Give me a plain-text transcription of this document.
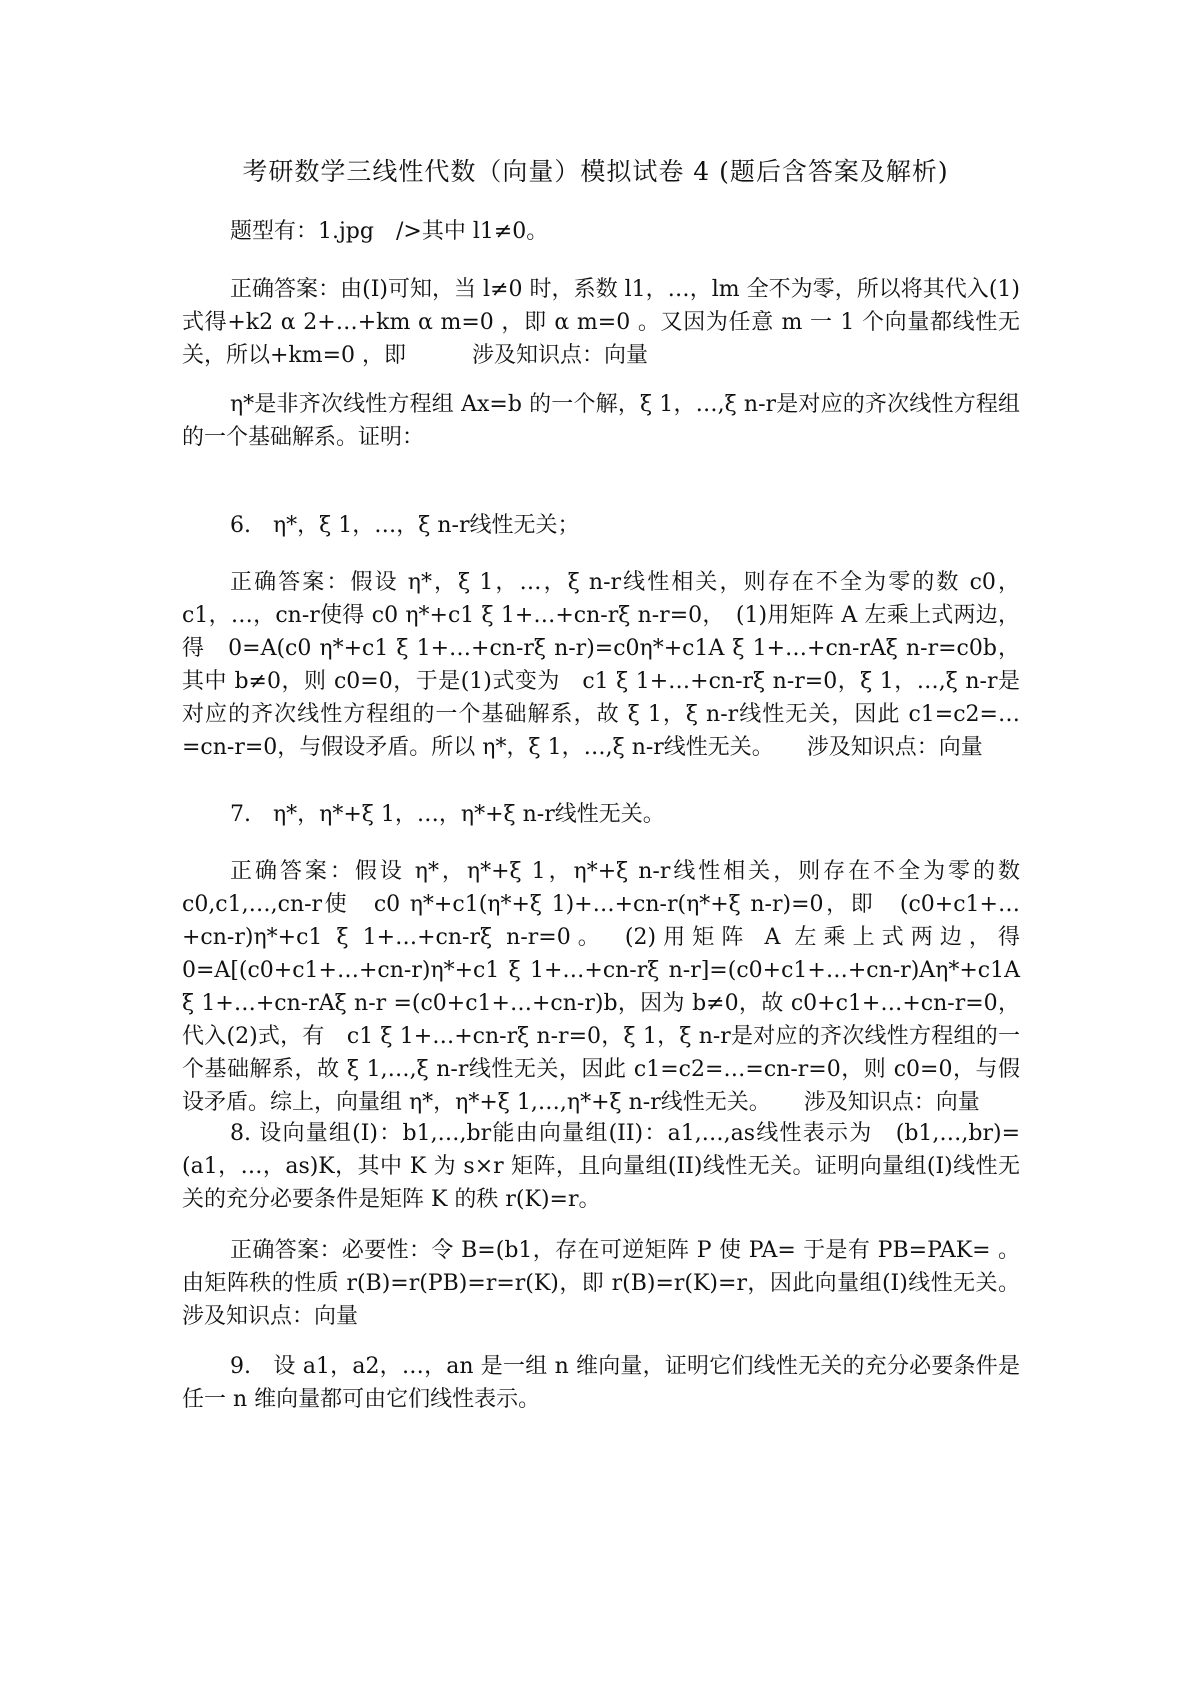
考研数学三线性代数（向量）模拟试卷 4 (题后含答案及解析)

题型有：1.jpg　/>其中 l1≠0。

正确答案：由(I)可知，当 l≠0 时，系数 l1，…，lm 全不为零，所以将其代入(1)式得+k2 α 2+…+km α m=0 ，即 α m=0 。又因为任意 m 一 1 个向量都线性无关，所以+km=0 ，即　　　涉及知识点：向量

η*是非齐次线性方程组 Ax=b 的一个解，ξ 1，…,ξ n-r是对应的齐次线性方程组的一个基础解系。证明：

6.　η*，ξ 1，…，ξ n-r线性无关；

正确答案：假设 η*，ξ 1，…，ξ n-r线性相关，则存在不全为零的数 c0，c1，…，cn-r使得 c0 η*+c1 ξ 1+…+cn-rξ n-r=0，　(1)用矩阵 A 左乘上式两边，得　0=A(c0 η*+c1 ξ 1+…+cn-rξ n-r)=c0η*+c1A ξ 1+…+cn-rAξ n-r=c0b，其中 b≠0，则 c0=0，于是(1)式变为　c1 ξ 1+…+cn-rξ n-r=0，ξ 1，…,ξ n-r是对应的齐次线性方程组的一个基础解系，故 ξ 1，ξ n-r线性无关，因此 c1=c2=…=cn-r=0，与假设矛盾。所以 η*，ξ 1，…,ξ n-r线性无关。　　涉及知识点：向量

7.　η*，η*+ξ 1，…，η*+ξ n-r线性无关。

正确答案：假设 η*，η*+ξ 1，η*+ξ n-r线性相关，则存在不全为零的数 c0,c1,…,cn-r使　c0 η*+c1(η*+ξ 1)+…+cn-r(η*+ξ n-r)=0，即　(c0+c1+…+cn-r)η*+c1 ξ 1+…+cn-rξ n-r=0。　(2)用矩阵 A 左乘上式两边，得 0=A[(c0+c1+…+cn-r)η*+c1 ξ 1+…+cn-rξ n-r]=(c0+c1+…+cn-r)Aη*+c1A ξ 1+…+cn-rAξ n-r =(c0+c1+…+cn-r)b，因为 b≠0，故 c0+c1+…+cn-r=0，代入(2)式，有　c1 ξ 1+…+cn-rξ n-r=0，ξ 1，ξ n-r是对应的齐次线性方程组的一个基础解系，故 ξ 1,…,ξ n-r线性无关，因此 c1=c2=…=cn-r=0，则 c0=0，与假设矛盾。综上，向量组 η*，η*+ξ 1,…,η*+ξ n-r线性无关。　　涉及知识点：向量

8. 设向量组(I)：b1,…,br能由向量组(II)：a1,…,as线性表示为　(b1,…,br)=(a1，…，as)K，其中 K 为 s×r 矩阵，且向量组(II)线性无关。证明向量组(I)线性无关的充分必要条件是矩阵 K 的秩 r(K)=r。

正确答案：必要性：令 B=(b1，存在可逆矩阵 P 使 PA= 于是有 PB=PAK= 。由矩阵秩的性质 r(B)=r(PB)=r=r(K)，即 r(B)=r(K)=r，因此向量组(I)线性无关。涉及知识点：向量

9.　设 a1，a2，…，an 是一组 n 维向量，证明它们线性无关的充分必要条件是任一 n 维向量都可由它们线性表示。
